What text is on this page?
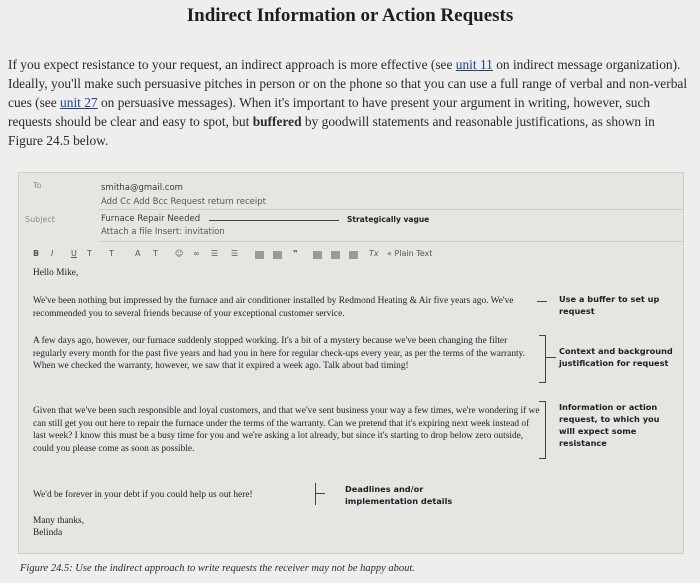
Indirect Information or Action Requests
If you expect resistance to your request, an indirect approach is more effective (see unit 11 on indirect message organization). Ideally, you'll make such persuasive pitches in person or on the phone so that you can use a full range of verbal and non-verbal cues (see unit 27 on persuasive messages). When it's important to have present your argument in writing, however, such requests should be clear and easy to spot, but buffered by goodwill statements and reasonable justifications, as shown in Figure 24.5 below.
To	smitha@gmail.com
Add Cc Add Bcc Request return receipt
Subject	Furnace Repair Needed	Strategically vague
Attach a file Insert: invitation
B I U T T	A T ☺ ∞ ☰ ☰	❞	Tx « Plain Text
Hello Mike,
We've been nothing but impressed by the furnace and air conditioner installed by Redmond Heating & Air five years ago. We've recommended you to several friends because of your exceptional customer service.
Use a buffer to set up request
A few days ago, however, our furnace suddenly stopped working. It's a bit of a mystery because we've been changing the filter regularly every month for the past five years and had you in here for regular check-ups every year, as per the terms of the warranty. When we checked the warranty, however, we saw that it expired a week ago. Talk about bad timing!
Context and background justification for request
Given that we've been such responsible and loyal customers, and that we've sent business your way a few times, we're wondering if we can still get you out here to repair the furnace under the terms of the warranty. Can we pretend that it's expiring next week instead of last week? I know this must be a busy time for you and we're asking a lot already, but since it's starting to drop below zero outside, could you please come as soon as possible.
Information or action request, to which you will expect some resistance
We'd be forever in your debt if you could help us out here!
Deadlines and/or implementation details
Many thanks,
Belinda
Figure 24.5: Use the indirect approach to write requests the receiver may not be happy about.
